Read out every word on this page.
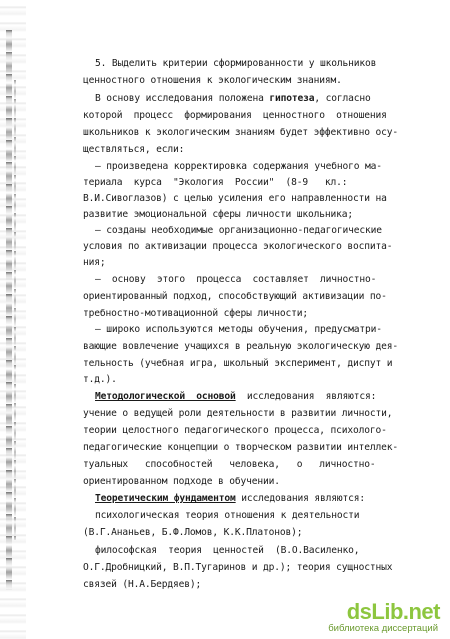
5. Выделить критерии сформированности у школьников
ценностного отношения к экологическим знаниям.
В основу исследования положена гипотеза, согласно
которой  процесс  формирования  ценностного  отношения
школьников к экологическим знаниям будет эффективно осу-
ществляться, если:
— произведена корректировка содержания учебного ма-
териала  курса  "Экология  России"  (8-9   кл.:
В.И.Сивоглазов) с целью усиления его направленности на
развитие эмоциональной сферы личности школьника;
— созданы необходимые организационно-педагогические
условия по активизации процесса экологического воспита-
ния;
—  основу  этого  процесса  составляет  личностно-
ориентированный подход, способствующий активизации по-
требностно-мотивационной сферы личности;
— широко используются методы обучения, предусматри-
вающие вовлечение учащихся в реальную экологическую дея-
тельность (учебная игра, школьный эксперимент, диспут и
т.д.).
Методологической  основой  исследования  являются:
учение о ведущей роли деятельности в развитии личности,
теории целостного педагогического процесса, психолого-
педагогические концепции о творческом развитии интеллек-
туальных   способностей   человека,   о   личностно-
ориентированном подходе в обучении.
Теоретическим фундаментом исследования являются:
психологическая теория отношения к деятельности
(В.Г.Ананьев, Б.Ф.Ломов, К.К.Платонов);
философская  теория  ценностей  (В.О.Василенко,
О.Г.Дробницкий, В.П.Тугаринов и др.); теория сущностных
связей (Н.А.Бердяев);
dsLib.net
библиотека диссертаций
